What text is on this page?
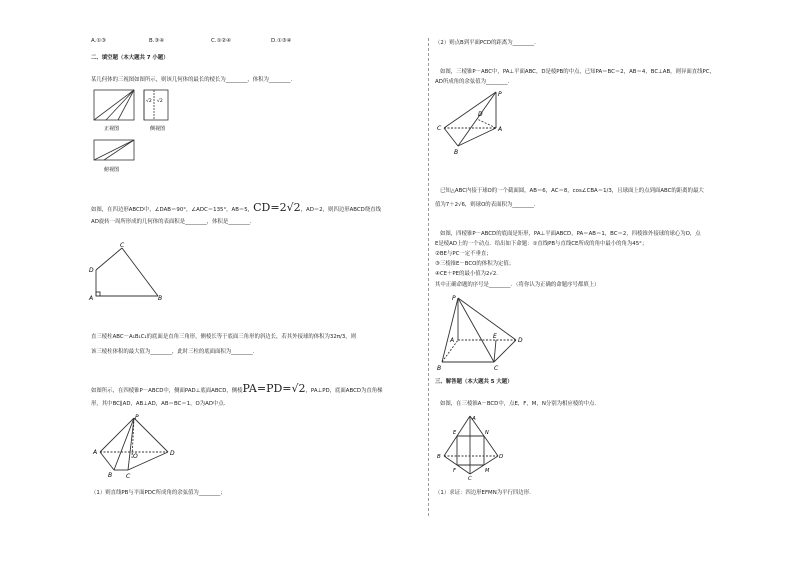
A.①③	B.③④	C.①②④	D.①③④
二、填空题（本大题共 7 小题）
某几何体的三视图如图所示，则该几何体的最长的棱长为________，体积为________.
正视图
√2 √2
侧视图
俯视图
如图，在四边形ABCD中，∠DAB＝90°，∠ADC＝135°，AB＝5，CD=2√2，AD＝2，则四边形ABCD绕直线
AD旋转一周所形成的几何体的表面积是________，体积是________.
C
D
A	B
直三棱柱ABC－A₁B₁C₁的底面是直角三角形，侧棱长等于底面三角形的斜边长，若其外接球的体积为32π/3，则
该三棱柱体积的最大值为________，此时三柱的底面面积为________.
如图所示，在四棱锥P－ABCD中，侧面PAD⊥底面ABCD，侧棱PA=PD=√2，PA⊥PD，底面ABCD为直角梯
形，其中BC∥AD，AB⊥AD，AB＝BC＝1，O为AD中点.
P
A
B C
D
O
（1）则直线PB与平面PDC所成角的余弦值为________；
（2）则点B到平面PCD的距离为________.
如图，三棱锥P－ABC中，PA⊥平面ABC，D是棱PB的中点，已知PA＝BC＝2，AB＝4，BC⊥AB，则异面直线PC，
AD所成角的余弦值为________.
P
D
C	A
B
已知△ABC内接于球O的一个截面圆，AB＝6，AC＝8，cos∠CBA＝1/3，且球面上的点到面ABC的距离的最大
值为7＋2√6，则球O的表面积为________.
如图，四棱锥P－ABCD的底面是矩形，PA⊥平面ABCD，PA＝AB＝1，BC＝2，四棱锥外接球的球心为O，点
E是棱AD上的一个动点．给出如下命题：①直线PB与直线CE所成的角中最小的角为45°；
②BE与PC一定不垂直；
③三棱锥E－BCO的体积为定值；
④CE＋PE的最小值为2√2.
其中正确命题的序号是________．（将你认为正确的命题序号都填上）
P
A
B	C
D
E
三、解答题（本大题共 5 大题）
如图，在三棱锥A－BCD中，点E，F，M，N分别为相应棱的中点.
A
B
C
D
E
F	M
N
（1）求证：四边形EFMN为平行四边形.
